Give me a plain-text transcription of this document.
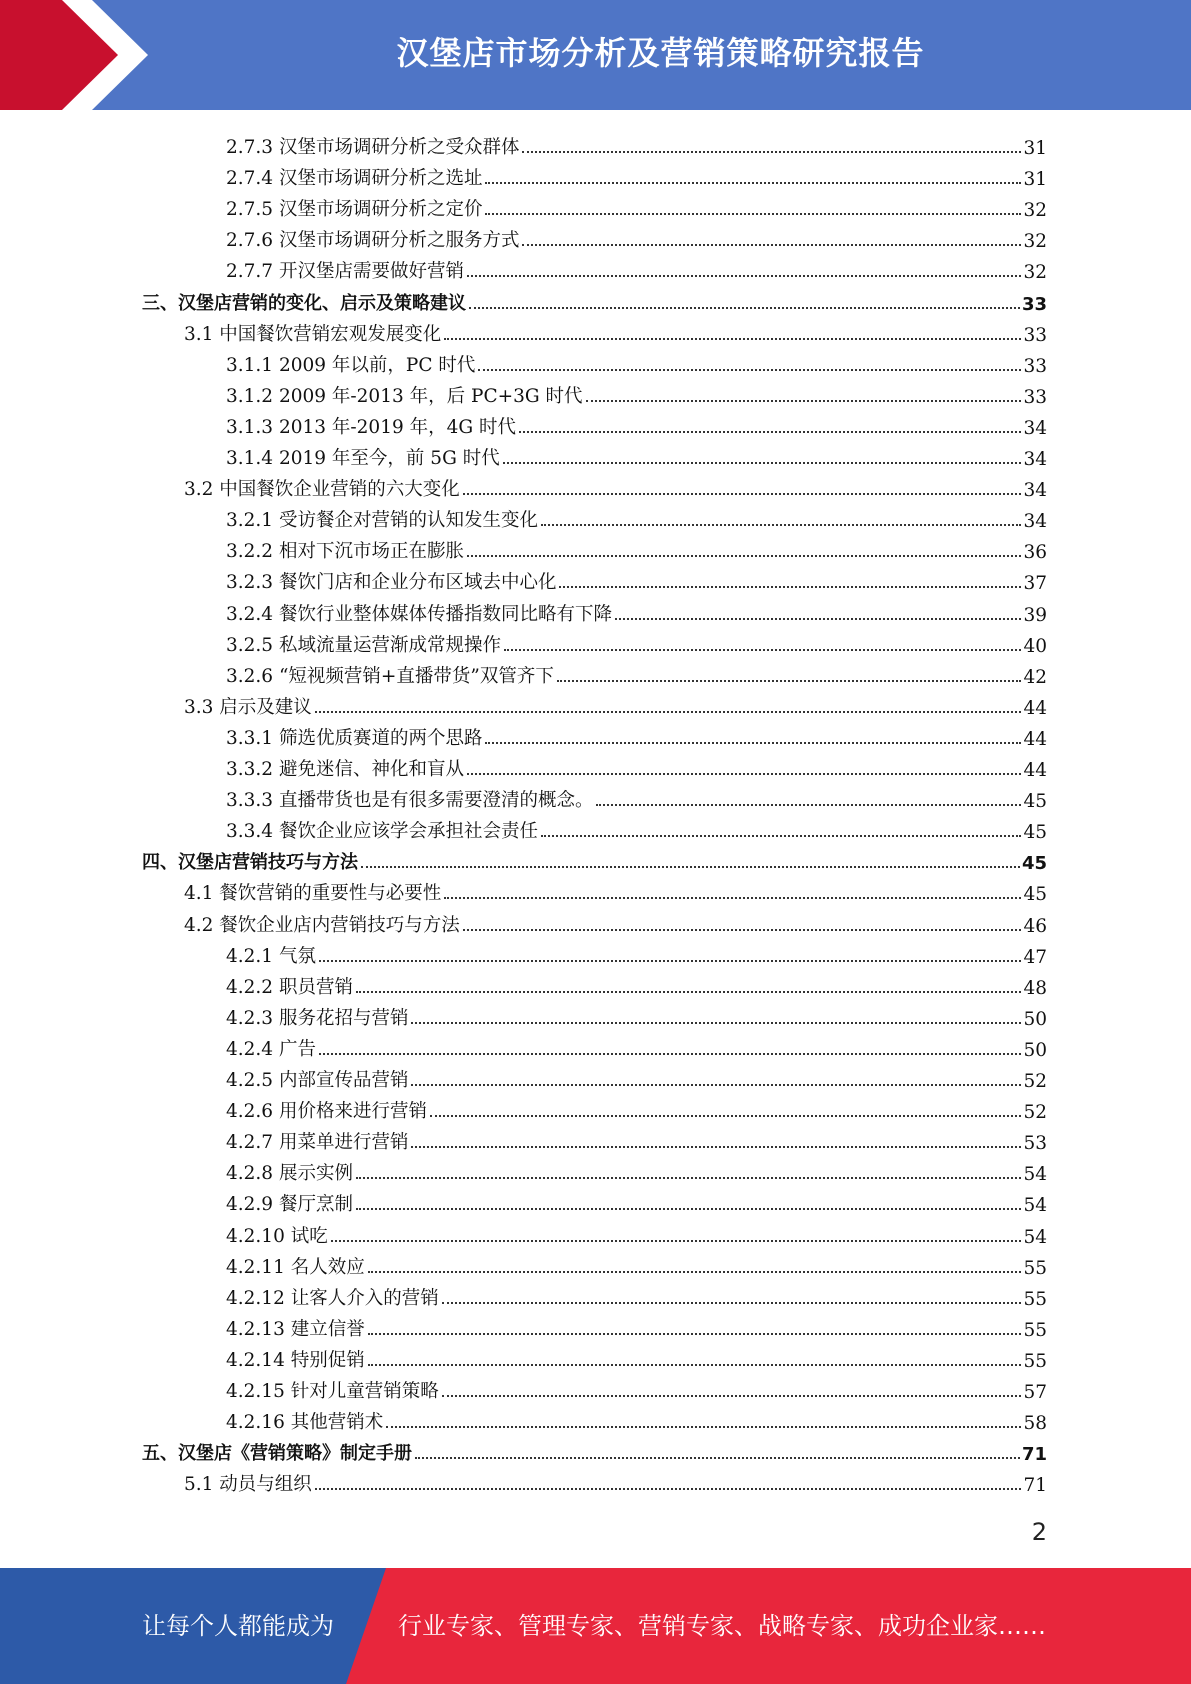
汉堡店市场分析及营销策略研究报告
2.7.3 汉堡市场调研分析之受众群体	31
2.7.4 汉堡市场调研分析之选址	31
2.7.5 汉堡市场调研分析之定价	32
2.7.6 汉堡市场调研分析之服务方式	32
2.7.7 开汉堡店需要做好营销	32
三、汉堡店营销的变化、启示及策略建议	33
3.1 中国餐饮营销宏观发展变化	33
3.1.1 2009 年以前，PC 时代	33
3.1.2 2009 年-2013 年，后 PC+3G 时代	33
3.1.3 2013 年-2019 年，4G 时代	34
3.1.4 2019 年至今，前 5G 时代	34
3.2 中国餐饮企业营销的六大变化	34
3.2.1 受访餐企对营销的认知发生变化	34
3.2.2 相对下沉市场正在膨胀	36
3.2.3 餐饮门店和企业分布区域去中心化	37
3.2.4 餐饮行业整体媒体传播指数同比略有下降	39
3.2.5 私域流量运营渐成常规操作	40
3.2.6 “短视频营销+直播带货”双管齐下	42
3.3 启示及建议	44
3.3.1 筛选优质赛道的两个思路	44
3.3.2 避免迷信、神化和盲从	44
3.3.3 直播带货也是有很多需要澄清的概念。	45
3.3.4 餐饮企业应该学会承担社会责任	45
四、汉堡店营销技巧与方法	45
4.1 餐饮营销的重要性与必要性	45
4.2 餐饮企业店内营销技巧与方法	46
4.2.1 气氛	47
4.2.2 职员营销	48
4.2.3 服务花招与营销	50
4.2.4 广告	50
4.2.5 内部宣传品营销	52
4.2.6 用价格来进行营销	52
4.2.7 用菜单进行营销	53
4.2.8 展示实例	54
4.2.9 餐厅烹制	54
4.2.10 试吃	54
4.2.11 名人效应	55
4.2.12 让客人介入的营销	55
4.2.13 建立信誉	55
4.2.14 特别促销	55
4.2.15 针对儿童营销策略	57
4.2.16 其他营销术	58
五、汉堡店《营销策略》制定手册	71
5.1 动员与组织	71
2
让每个人都能成为	行业专家、管理专家、营销专家、战略专家、成功企业家……
